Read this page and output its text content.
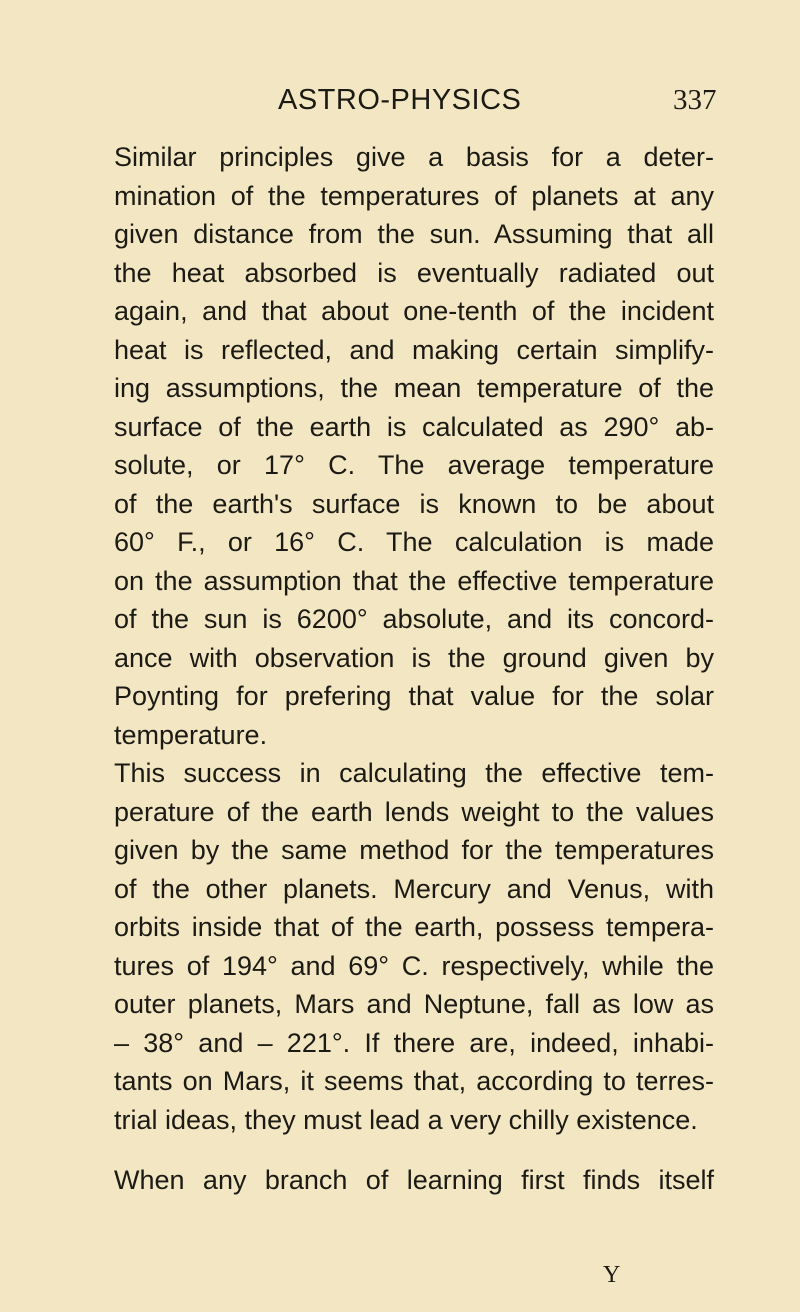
ASTRO-PHYSICS	337
Similar principles give a basis for a deter-
mination of the temperatures of planets at any
given distance from the sun. Assuming that all
the heat absorbed is eventually radiated out
again, and that about one-tenth of the incident
heat is reflected, and making certain simplify-
ing assumptions, the mean temperature of the
surface of the earth is calculated as 290° ab-
solute, or 17° C. The average temperature
of the earth's surface is known to be about
60° F., or 16° C. The calculation is made
on the assumption that the effective temperature
of the sun is 6200° absolute, and its concord-
ance with observation is the ground given by
Poynting for prefering that value for the solar
temperature.
This success in calculating the effective tem-
perature of the earth lends weight to the values
given by the same method for the temperatures
of the other planets. Mercury and Venus, with
orbits inside that of the earth, possess tempera-
tures of 194° and 69° C. respectively, while the
outer planets, Mars and Neptune, fall as low as
– 38° and – 221°. If there are, indeed, inhabi-
tants on Mars, it seems that, according to terres-
trial ideas, they must lead a very chilly existence.
When any branch of learning first finds itself
Y
